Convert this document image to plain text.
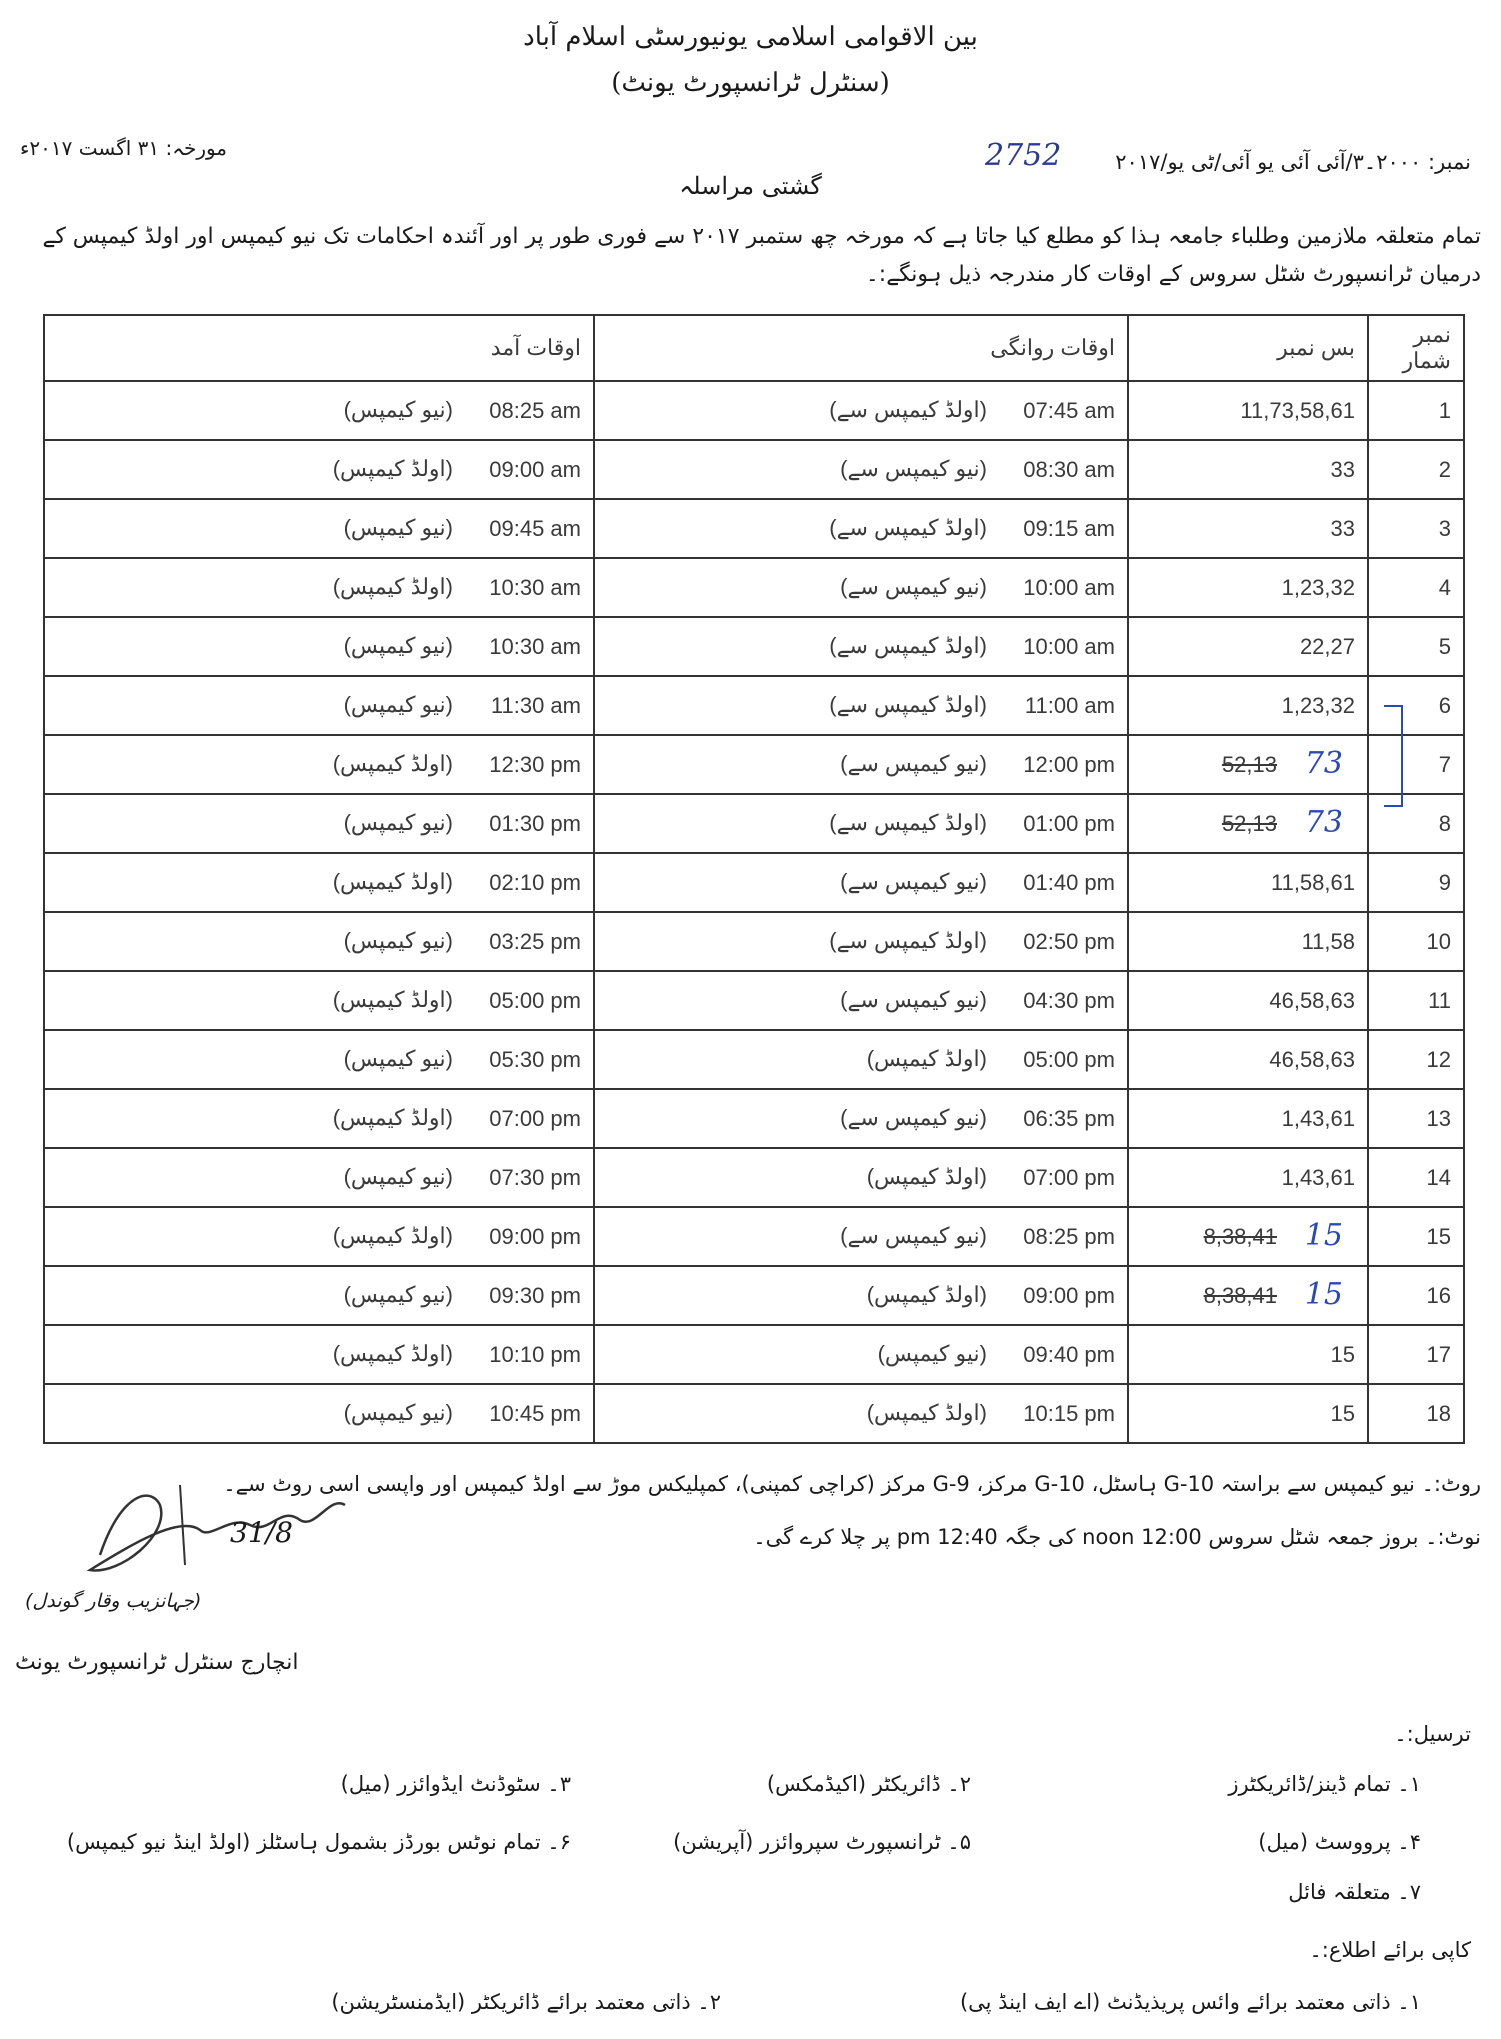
بین الاقوامی اسلامی یونیورسٹی اسلام آباد
(سنٹرل ٹرانسپورٹ یونٹ)
نمبر: ۲۰۰۰۔۳/آئی آئی یو آئی/ٹی یو/۲۰۱۷
2752
مورخہ: ۳۱ اگست ۲۰۱۷ء
گشتی مراسلہ
تمام متعلقہ ملازمین وطلباء جامعہ ہذا کو مطلع کیا جاتا ہے کہ مورخہ چھ ستمبر ۲۰۱۷ سے فوری طور پر اور آئندہ احکامات تک نیو کیمپس اور اولڈ کیمپس کے درمیان ٹرانسپورٹ شٹل سروس کے اوقات کار مندرجہ ذیل ہونگے:۔
نمبر شمار	بس نمبر	اوقات روانگی	اوقات آمد
1	11,73,58,61	(اولڈ کیمپس سے) 07:45 am	(نیو کیمپس) 08:25 am

2	33	(نیو کیمپس سے) 08:30 am	(اولڈ کیمپس) 09:00 am

3	33	(اولڈ کیمپس سے) 09:15 am	(نیو کیمپس) 09:45 am

4	1,23,32	(نیو کیمپس سے) 10:00 am	(اولڈ کیمپس) 10:30 am

5	22,27	(اولڈ کیمپس سے) 10:00 am	(نیو کیمپس) 10:30 am

6	1,23,32	(اولڈ کیمپس سے) 11:00 am	(نیو کیمپس) 11:30 am

7	52,13 73	(نیو کیمپس سے) 12:00 pm	(اولڈ کیمپس) 12:30 pm

8	52,13 73	(اولڈ کیمپس سے) 01:00 pm	(نیو کیمپس) 01:30 pm

9	11,58,61	(نیو کیمپس سے) 01:40 pm	(اولڈ کیمپس) 02:10 pm

10	11,58	(اولڈ کیمپس سے) 02:50 pm	(نیو کیمپس) 03:25 pm

11	46,58,63	(نیو کیمپس سے) 04:30 pm	(اولڈ کیمپس) 05:00 pm

12	46,58,63	(اولڈ کیمپس) 05:00 pm	(نیو کیمپس) 05:30 pm

13	1,43,61	(نیو کیمپس سے) 06:35 pm	(اولڈ کیمپس) 07:00 pm

14	1,43,61	(اولڈ کیمپس) 07:00 pm	(نیو کیمپس) 07:30 pm

15	8,38,41 15	(نیو کیمپس سے) 08:25 pm	(اولڈ کیمپس) 09:00 pm

16	8,38,41 15	(اولڈ کیمپس) 09:00 pm	(نیو کیمپس) 09:30 pm

17	15	(نیو کیمپس) 09:40 pm	(اولڈ کیمپس) 10:10 pm

18	15	(اولڈ کیمپس) 10:15 pm	(نیو کیمپس) 10:45 pm
روٹ:۔ نیو کیمپس سے براستہ G-10 ہاسٹل، G-10 مرکز، G-9 مرکز (کراچی کمپنی)، کمپلیکس موڑ سے اولڈ کیمپس اور واپسی اسی روٹ سے۔
نوٹ:۔ بروز جمعہ شٹل سروس 12:00 noon کی جگہ 12:40 pm پر چلا کرے گی۔
31/8
(جہانزیب وقار گوندل)
انچارج سنٹرل ٹرانسپورٹ یونٹ
ترسیل:۔
۱۔ تمام ڈینز/ڈائریکٹرز
۲۔ ڈائریکٹر (اکیڈمکس)
۳۔ سٹوڈنٹ ایڈوائزر (میل)
۴۔ پرووسٹ (میل)
۵۔ ٹرانسپورٹ سپروائزر (آپریشن)
۶۔ تمام نوٹس بورڈز بشمول ہاسٹلز (اولڈ اینڈ نیو کیمپس)
۷۔ متعلقہ فائل
کاپی برائے اطلاع:۔
۱۔ ذاتی معتمد برائے وائس پریذیڈنٹ (اے ایف اینڈ پی)
۲۔ ذاتی معتمد برائے ڈائریکٹر (ایڈمنسٹریشن)
